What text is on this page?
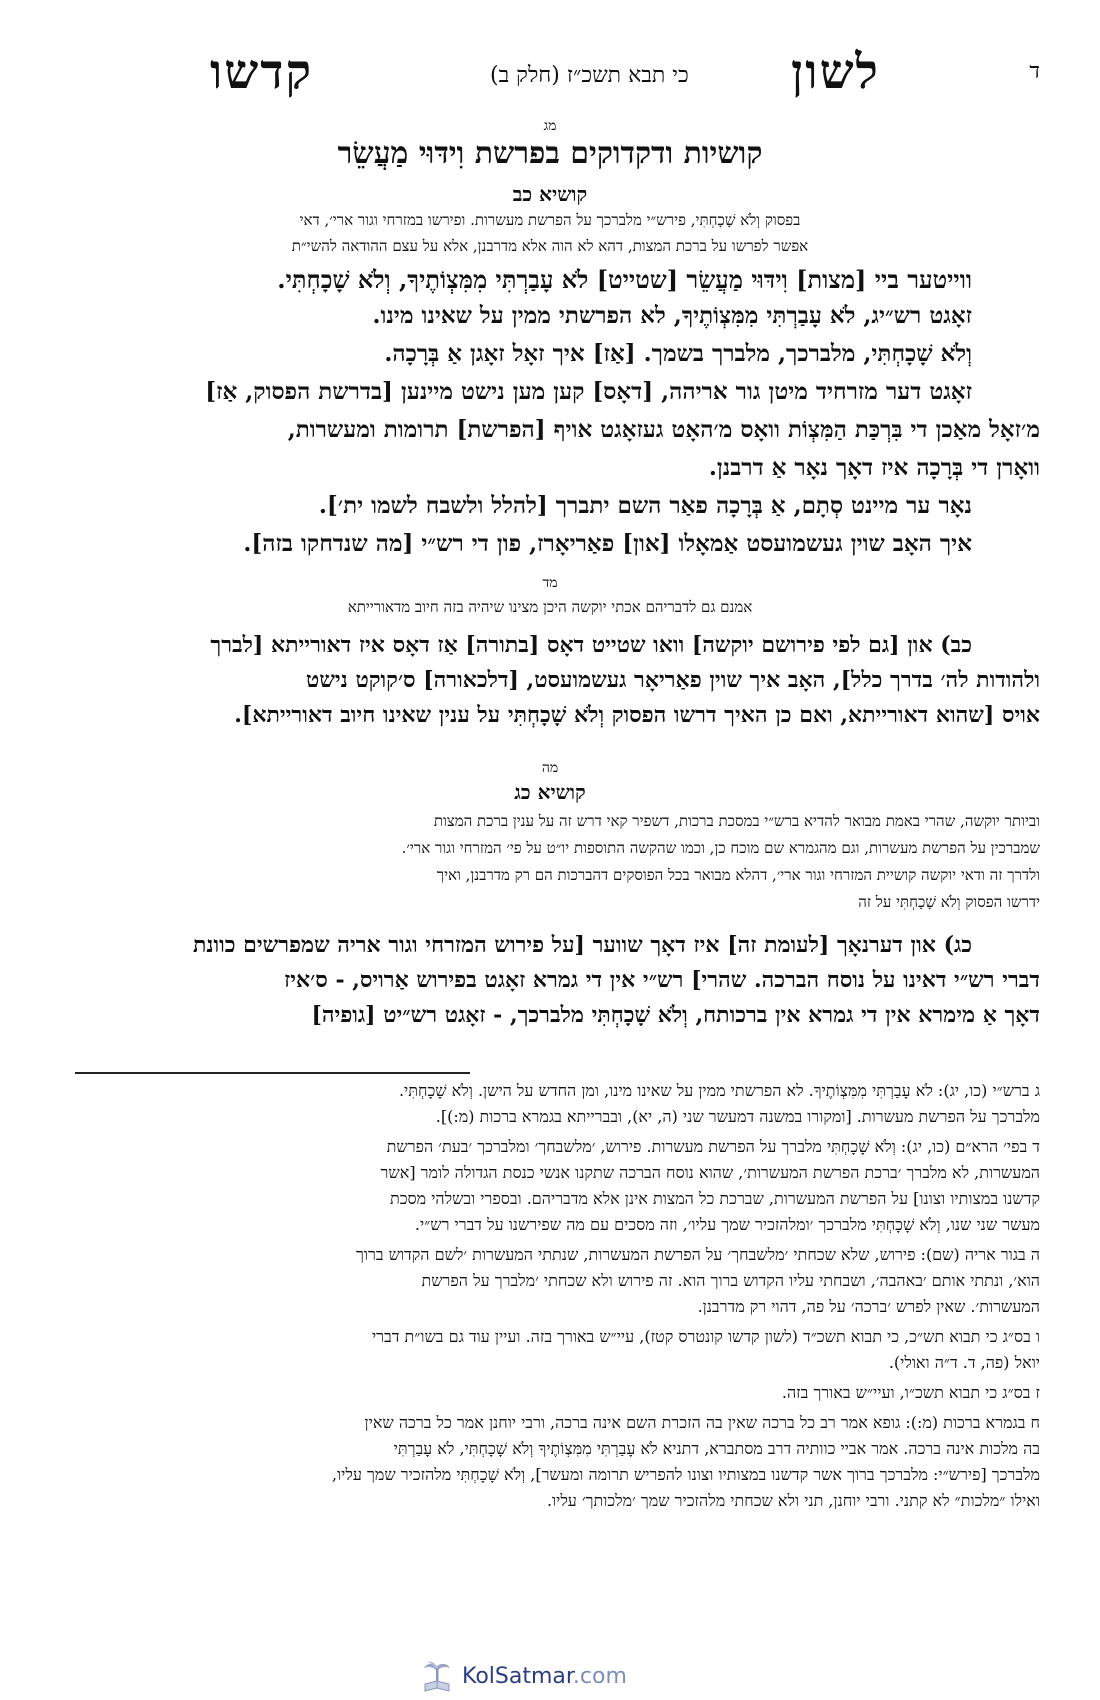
ד
לשון
כי תבא תשכ״ז (חלק ב)
קדשו
מג
קושיות ודקדוקים בפרשת וִידּוּי מַעֲשֵׂר
קושיא כב
בפסוק וְלֹא שָׁכָחְתִּי, פירש״י מלברכך על הפרשת מעשרות. ופירשו במזרחי וגור ארי׳, דאי
אפשר לפרשו על ברכת המצות, דהא לא הוה אלא מדרבנן, אלא על עצם ההודאה להשי״ת
ווייטער ביי [מצות] וִידּוּי מַעֲשֵׂר [שטייט] לֹא עָבַרְתִּי מִמִּצְוֹתֶיךָ, וְלֹא שָׁכָחְתִּי.
זאָגט רש״יג, לֹא עָבַרְתִּי מִמִּצְוֹתֶיךָ, לא הפרשתי ממין על שאינו מינו.
וְלֹא שָׁכָחְתִּי, מלברכך, מלברך בשמך. [אַז] איך זאָל זאָגן אַ בְּרָכָה.
זאָגט דער מזרחיד מיטן גור אריהה, [דאָס] קען מען נישט מיינען [בדרשת הפסוק, אַז]
מ׳זאָל מאַכן די בִּרְכַּת הַמִּצְוֹת וואָס מ׳האָט געזאָגט אויף [הפרשת] תרומות ומעשרות,
וואָרן די בְּרָכָה איז דאָך נאָר אַ דרבנן.
נאָר ער מיינט סְתָם, אַ בְּרָכָה פאַר השם יתברך [להלל ולשבח לשמו ית׳].
איך האָב שוין געשמועסט אַמאָלו [און] פאַריאָרז, פון די רש״י [מה שנדחקו בזה].
מד
אמנם גם לדבריהם אכתי יוקשה היכן מצינו שיהיה בזה חיוב מדאורייתא
כב) און [גם לפי פירושם יוקשה] וואו שטייט דאָס [בתורה] אַז דאָס איז דאורייתא [לברך
ולהודות לה׳ בדרך כלל], האָב איך שוין פאַריאָר געשמועסט, [דלכאורה] ס׳קוקט נישט
אויס [שהוא דאורייתא, ואם כן האיך דרשו הפסוק וְלֹא שָׁכָחְתִּי על ענין שאינו חיוב דאורייתא].
מה
קושיא כג
וביותר יוקשה, שהרי באמת מבואר להדיא ברש״י במסכת ברכות, דשפיר קאי דרש זה על ענין ברכת המצות
שמברכין על הפרשת מעשרות, וגם מהגמרא שם מוכח כן, וכמו שהקשה התוספות יו״ט על פי׳ המזרחי וגור ארי׳.
ולדרך זה ודאי יוקשה קושיית המזרחי וגור ארי׳, דהלא מבואר בכל הפוסקים דהברכות הם רק מדרבנן, ואיך
ידרשו הפסוק וְלֹא שָׁכָחְתִּי על זה
כג) און דערנאָך [לעומת זה] איז דאָך שווער [על פירוש המזרחי וגור אריה שמפרשים כוונת
דברי רש״י דאינו על נוסח הברכה. שהרי] רש״י אין די גמרא זאָגט בפירוש אַרויס, - ס׳איז
דאָך אַ מימרא אין די גמרא אין ברכותח, וְלֹא שָׁכָחְתִּי מלברכך, - זאָגט רש״יט [גופיה]
ג ברש״י (כו, יג): לֹא עָבַרְתִּי מִמִּצְוֹתֶיךָ. לא הפרשתי ממין על שאינו מינו, ומן החדש על הישן. וְלֹא שָׁכָחְתִּי.
מלברכך על הפרשת מעשרות. [ומקורו במשנה דמעשר שני (ה, יא), ובברייתא בגמרא ברכות (מ:)].
ד בפי׳ הרא״ם (כו, יג): וְלֹא שָׁכָחְתִּי מלברך על הפרשת מעשרות. פירוש, ׳מלשבחך׳ ומלברכך ׳בעת׳ הפרשת
המעשרות, לא מלברך ׳ברכת הפרשת המעשרות׳, שהוא נוסח הברכה שתקנו אנשי כנסת הגדולה לומר [אשר
קדשנו במצותיו וצונו] על הפרשת המעשרות, שברכת כל המצות אינן אלא מדבריהם. ובספרי ובשלהי מסכת
מעשר שני שנו, וְלֹא שָׁכָחְתִּי מלברכך ׳ומלהזכיר שמך עליו׳, וזה מסכים עם מה שפירשנו על דברי רש״י.
ה בגור אריה (שם): פירוש, שלא שכחתי ׳מלשבחך׳ על הפרשת המעשרות, שנתתי המעשרות ׳לשם הקדוש ברוך
הוא׳, ונתתי אותם ׳באהבה׳, ושבחתי עליו הקדוש ברוך הוא. זה פירוש ולא שכחתי ׳מלברך על הפרשת
המעשרות׳. שאין לפרש ׳ברכה׳ על פה, דהוי רק מדרבנן.
ו בס״ג כי תבוא תש״כ, כי תבוא תשכ״ד (לשון קדשו קונטרס קטז), עיי״ש באורך בזה. ועיין עוד גם בשו״ת דברי
יואל (פה, ד. ד״ה ואולי).
ז בס״ג כי תבוא תשכ״ו, ועיי״ש באורך בזה.
ח בגמרא ברכות (מ:): גופא אמר רב כל ברכה שאין בה הזכרת השם אינה ברכה, ורבי יוחנן אמר כל ברכה שאין
בה מלכות אינה ברכה. אמר אביי כוותיה דרב מסתברא, דתניא לֹא עָבַרְתִּי מִמִּצְוֹתֶיךָ וְלֹא שָׁכָחְתִּי, לֹא עָבַרְתִּי
מלברכך [פירש״י: מלברכך ברוך אשר קדשנו במצותיו וצונו להפריש תרומה ומעשר], וְלֹא שָׁכָחְתִּי מלהזכיר שמך עליו,
ואילו ״מלכות״ לא קתני. ורבי יוחנן, תני ולא שכחתי מלהזכיר שמך ׳מלכותך׳ עליו.
KolSatmar.com
